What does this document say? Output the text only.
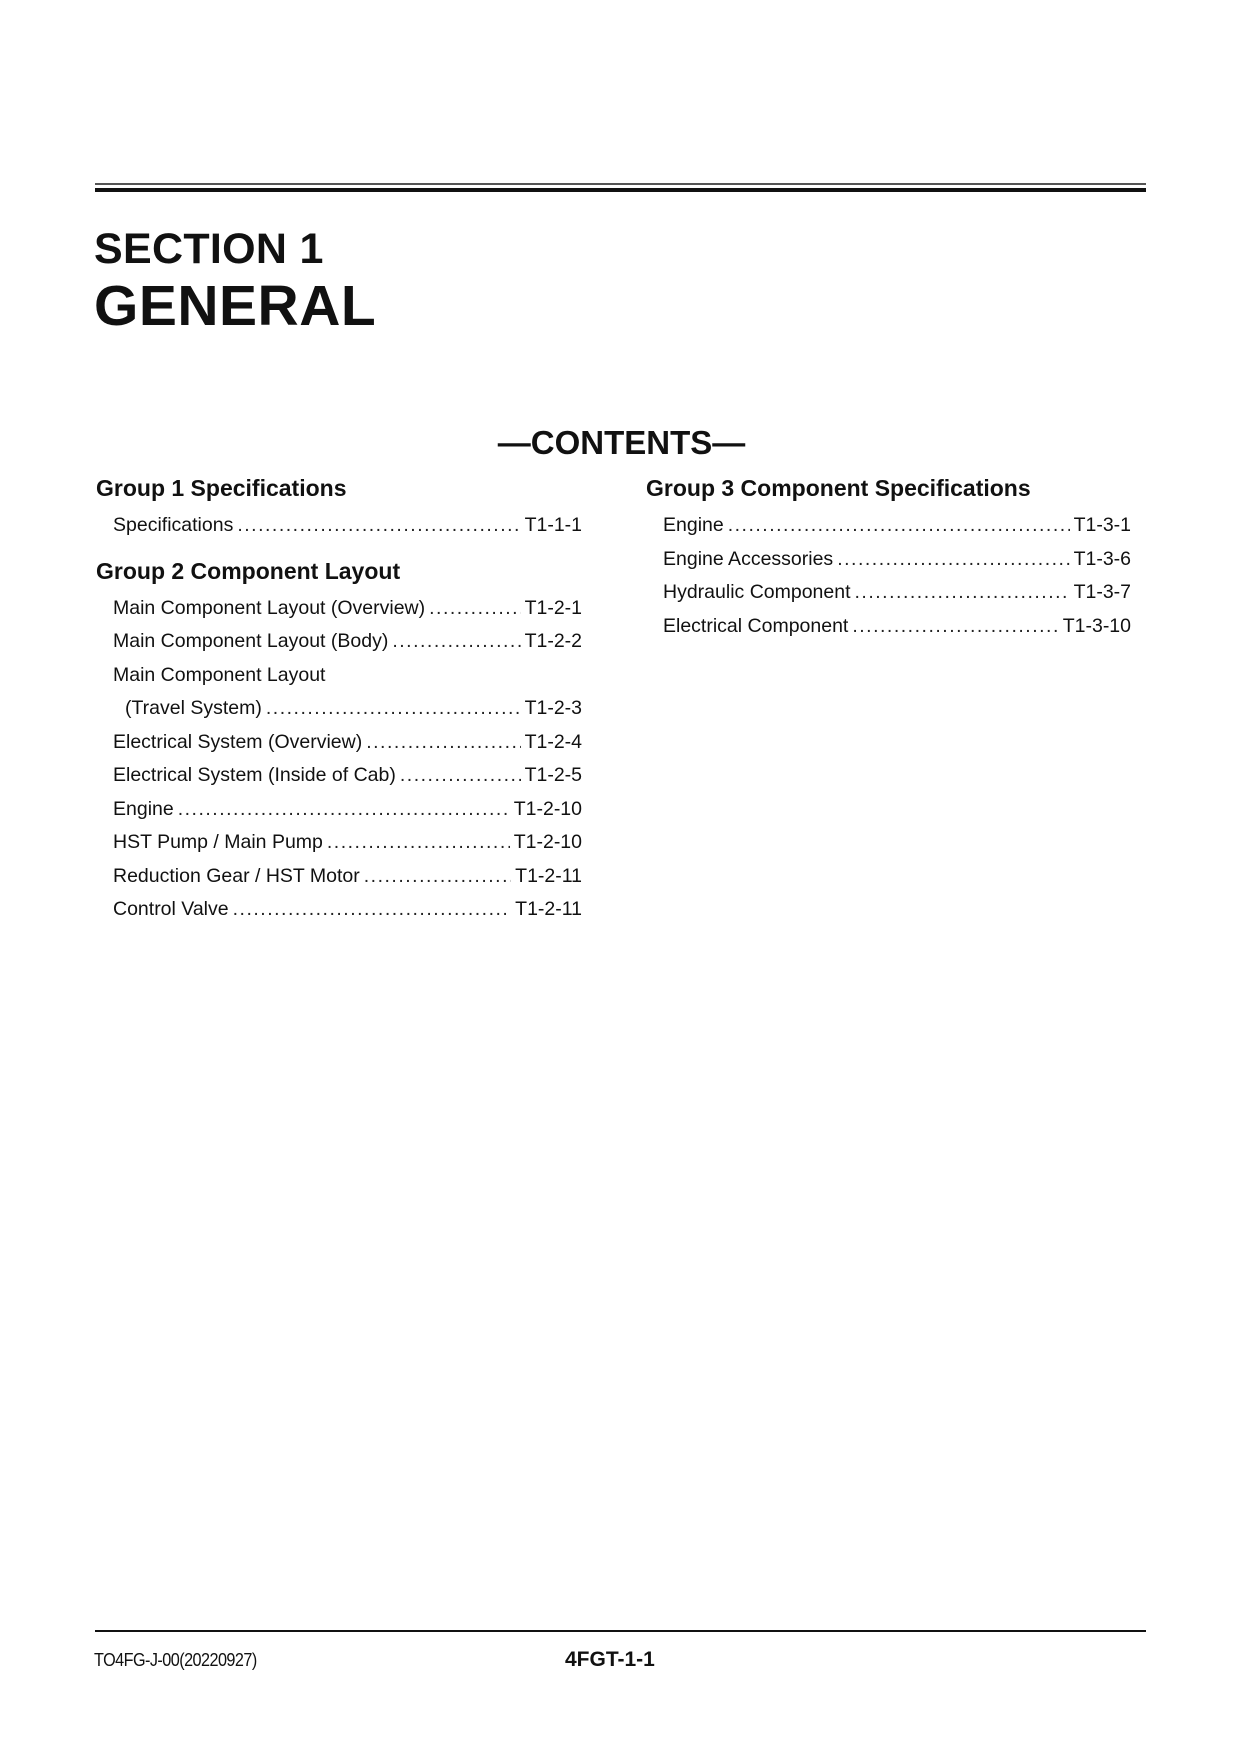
SECTION 1
GENERAL
—CONTENTS—
Group 1 Specifications
Specifications .....	T1-1-1
Group 2 Component Layout
Main Component Layout (Overview) .....	T1-2-1
Main Component Layout (Body) .....	T1-2-2
Main Component Layout
(Travel System) .....	T1-2-3
Electrical System (Overview) .....	T1-2-4
Electrical System (Inside of Cab) .....	T1-2-5
Engine .....	T1-2-10
HST Pump / Main Pump .....	T1-2-10
Reduction Gear / HST Motor .....	T1-2-11
Control Valve .....	T1-2-11
Group 3 Component Specifications
Engine .....	T1-3-1
Engine Accessories .....	T1-3-6
Hydraulic Component .....	T1-3-7
Electrical Component .....	T1-3-10
TO4FG-J-00(20220927)	4FGT-1-1
